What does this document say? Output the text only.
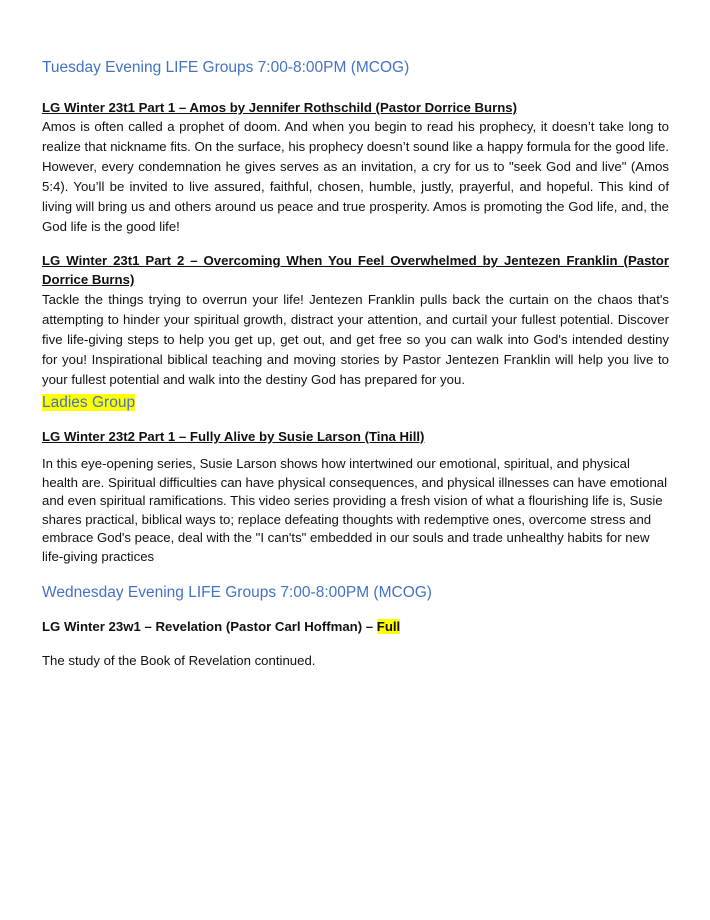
Tuesday Evening LIFE Groups 7:00-8:00PM (MCOG)

LG Winter 23t1 Part 1 – Amos by Jennifer Rothschild (Pastor Dorrice Burns)

Amos is often called a prophet of doom. And when you begin to read his prophecy, it doesn’t take long to realize that nickname fits. On the surface, his prophecy doesn’t sound like a happy formula for the good life. However, every condemnation he gives serves as an invitation, a cry for us to "seek God and live" (Amos 5:4). You’ll be invited to live assured, faithful, chosen, humble, justly, prayerful, and hopeful. This kind of living will bring us and others around us peace and true prosperity. Amos is promoting the God life, and, the God life is the good life!

LG Winter 23t1 Part 2 – Overcoming When You Feel Overwhelmed by Jentezen Franklin (Pastor Dorrice Burns)

Tackle the things trying to overrun your life! Jentezen Franklin pulls back the curtain on the chaos that's attempting to hinder your spiritual growth, distract your attention, and curtail your fullest potential. Discover five life-giving steps to help you get up, get out, and get free so you can walk into God's intended destiny for you! Inspirational biblical teaching and moving stories by Pastor Jentezen Franklin will help you live to your fullest potential and walk into the destiny God has prepared for you.

Ladies Group

LG Winter 23t2 Part 1 – Fully Alive by Susie Larson (Tina Hill)

In this eye-opening series, Susie Larson shows how intertwined our emotional, spiritual, and physical health are. Spiritual difficulties can have physical consequences, and physical illnesses can have emotional and even spiritual ramifications. This video series providing a fresh vision of what a flourishing life is, Susie shares practical, biblical ways to; replace defeating thoughts with redemptive ones, overcome stress and embrace God's peace, deal with the "I can'ts" embedded in our souls and trade unhealthy habits for new life-giving practices

Wednesday Evening LIFE Groups 7:00-8:00PM (MCOG)

LG Winter 23w1 – Revelation (Pastor Carl Hoffman) – Full

The study of the Book of Revelation continued.
